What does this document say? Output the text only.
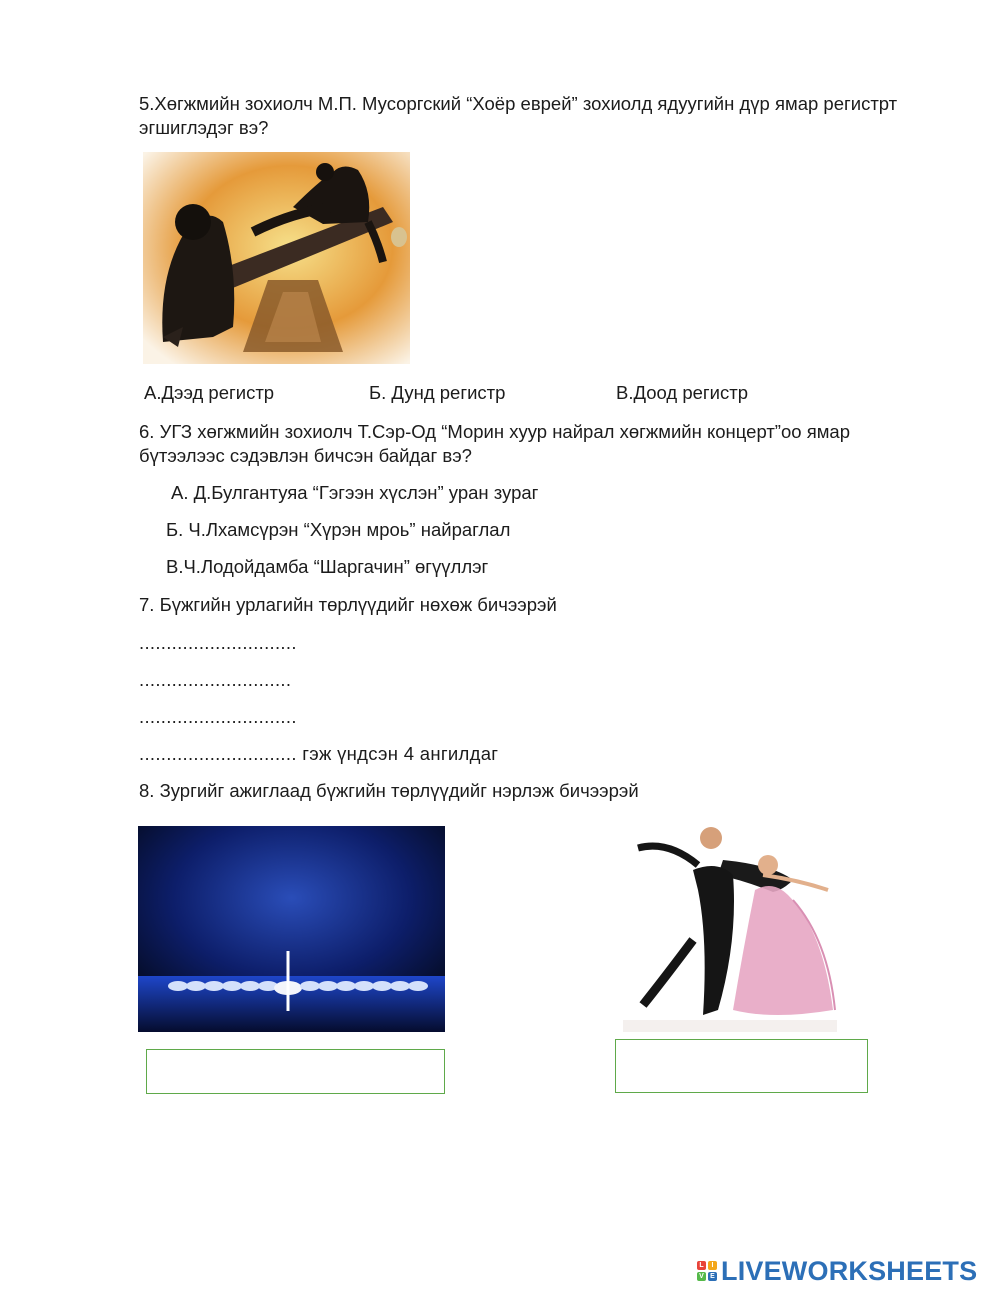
5.Хөгжмийн зохиолч М.П. Мусоргский “Хоёр еврей” зохиолд ядуугийн дүр ямар регистрт эгшиглэдэг вэ?
А.Дээд регистр	Б. Дунд регистр	В.Доод регистр
6. УГЗ хөгжмийн зохиолч Т.Сэр-Од “Морин хуур найрал хөгжмийн концерт”оо ямар бүтээлээс сэдэвлэн бичсэн байдаг вэ?
А. Д.Булгантуяа “Гэгээн хүслэн” уран зураг
Б. Ч.Лхамсүрэн “Хүрэн мроь” найраглал
В.Ч.Лодойдамба “Шаргачин” өгүүллэг
7. Бүжгийн урлагийн төрлүүдийг нөхөж бичээрэй
.............................
............................
.............................
............................. гэж үндсэн 4 ангилдаг
8. Зургийг ажиглаад бүжгийн төрлүүдийг нэрлэж бичээрэй
L	I
V E LIVEWORKSHEETS
